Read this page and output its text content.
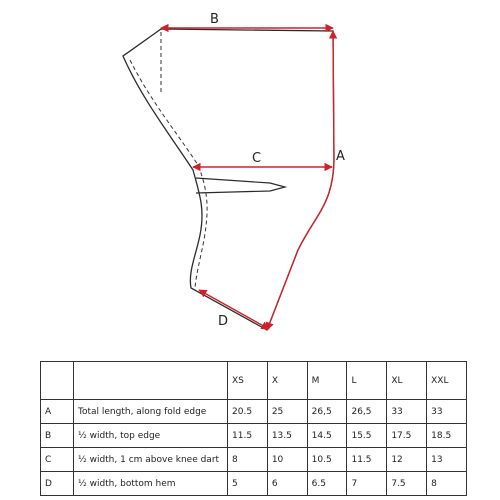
B
A
C
D
		XS	X	M	L	XL	XXL
A	Total length, along fold edge	20.5	25	26,5	26,5	33	33
B	½ width, top edge	11.5	13.5	14.5	15.5	17.5	18.5
C	½ width, 1 cm above knee dart	8	10	10.5	11.5	12	13
D	½ width, bottom hem	5	6	6.5	7	7.5	8
